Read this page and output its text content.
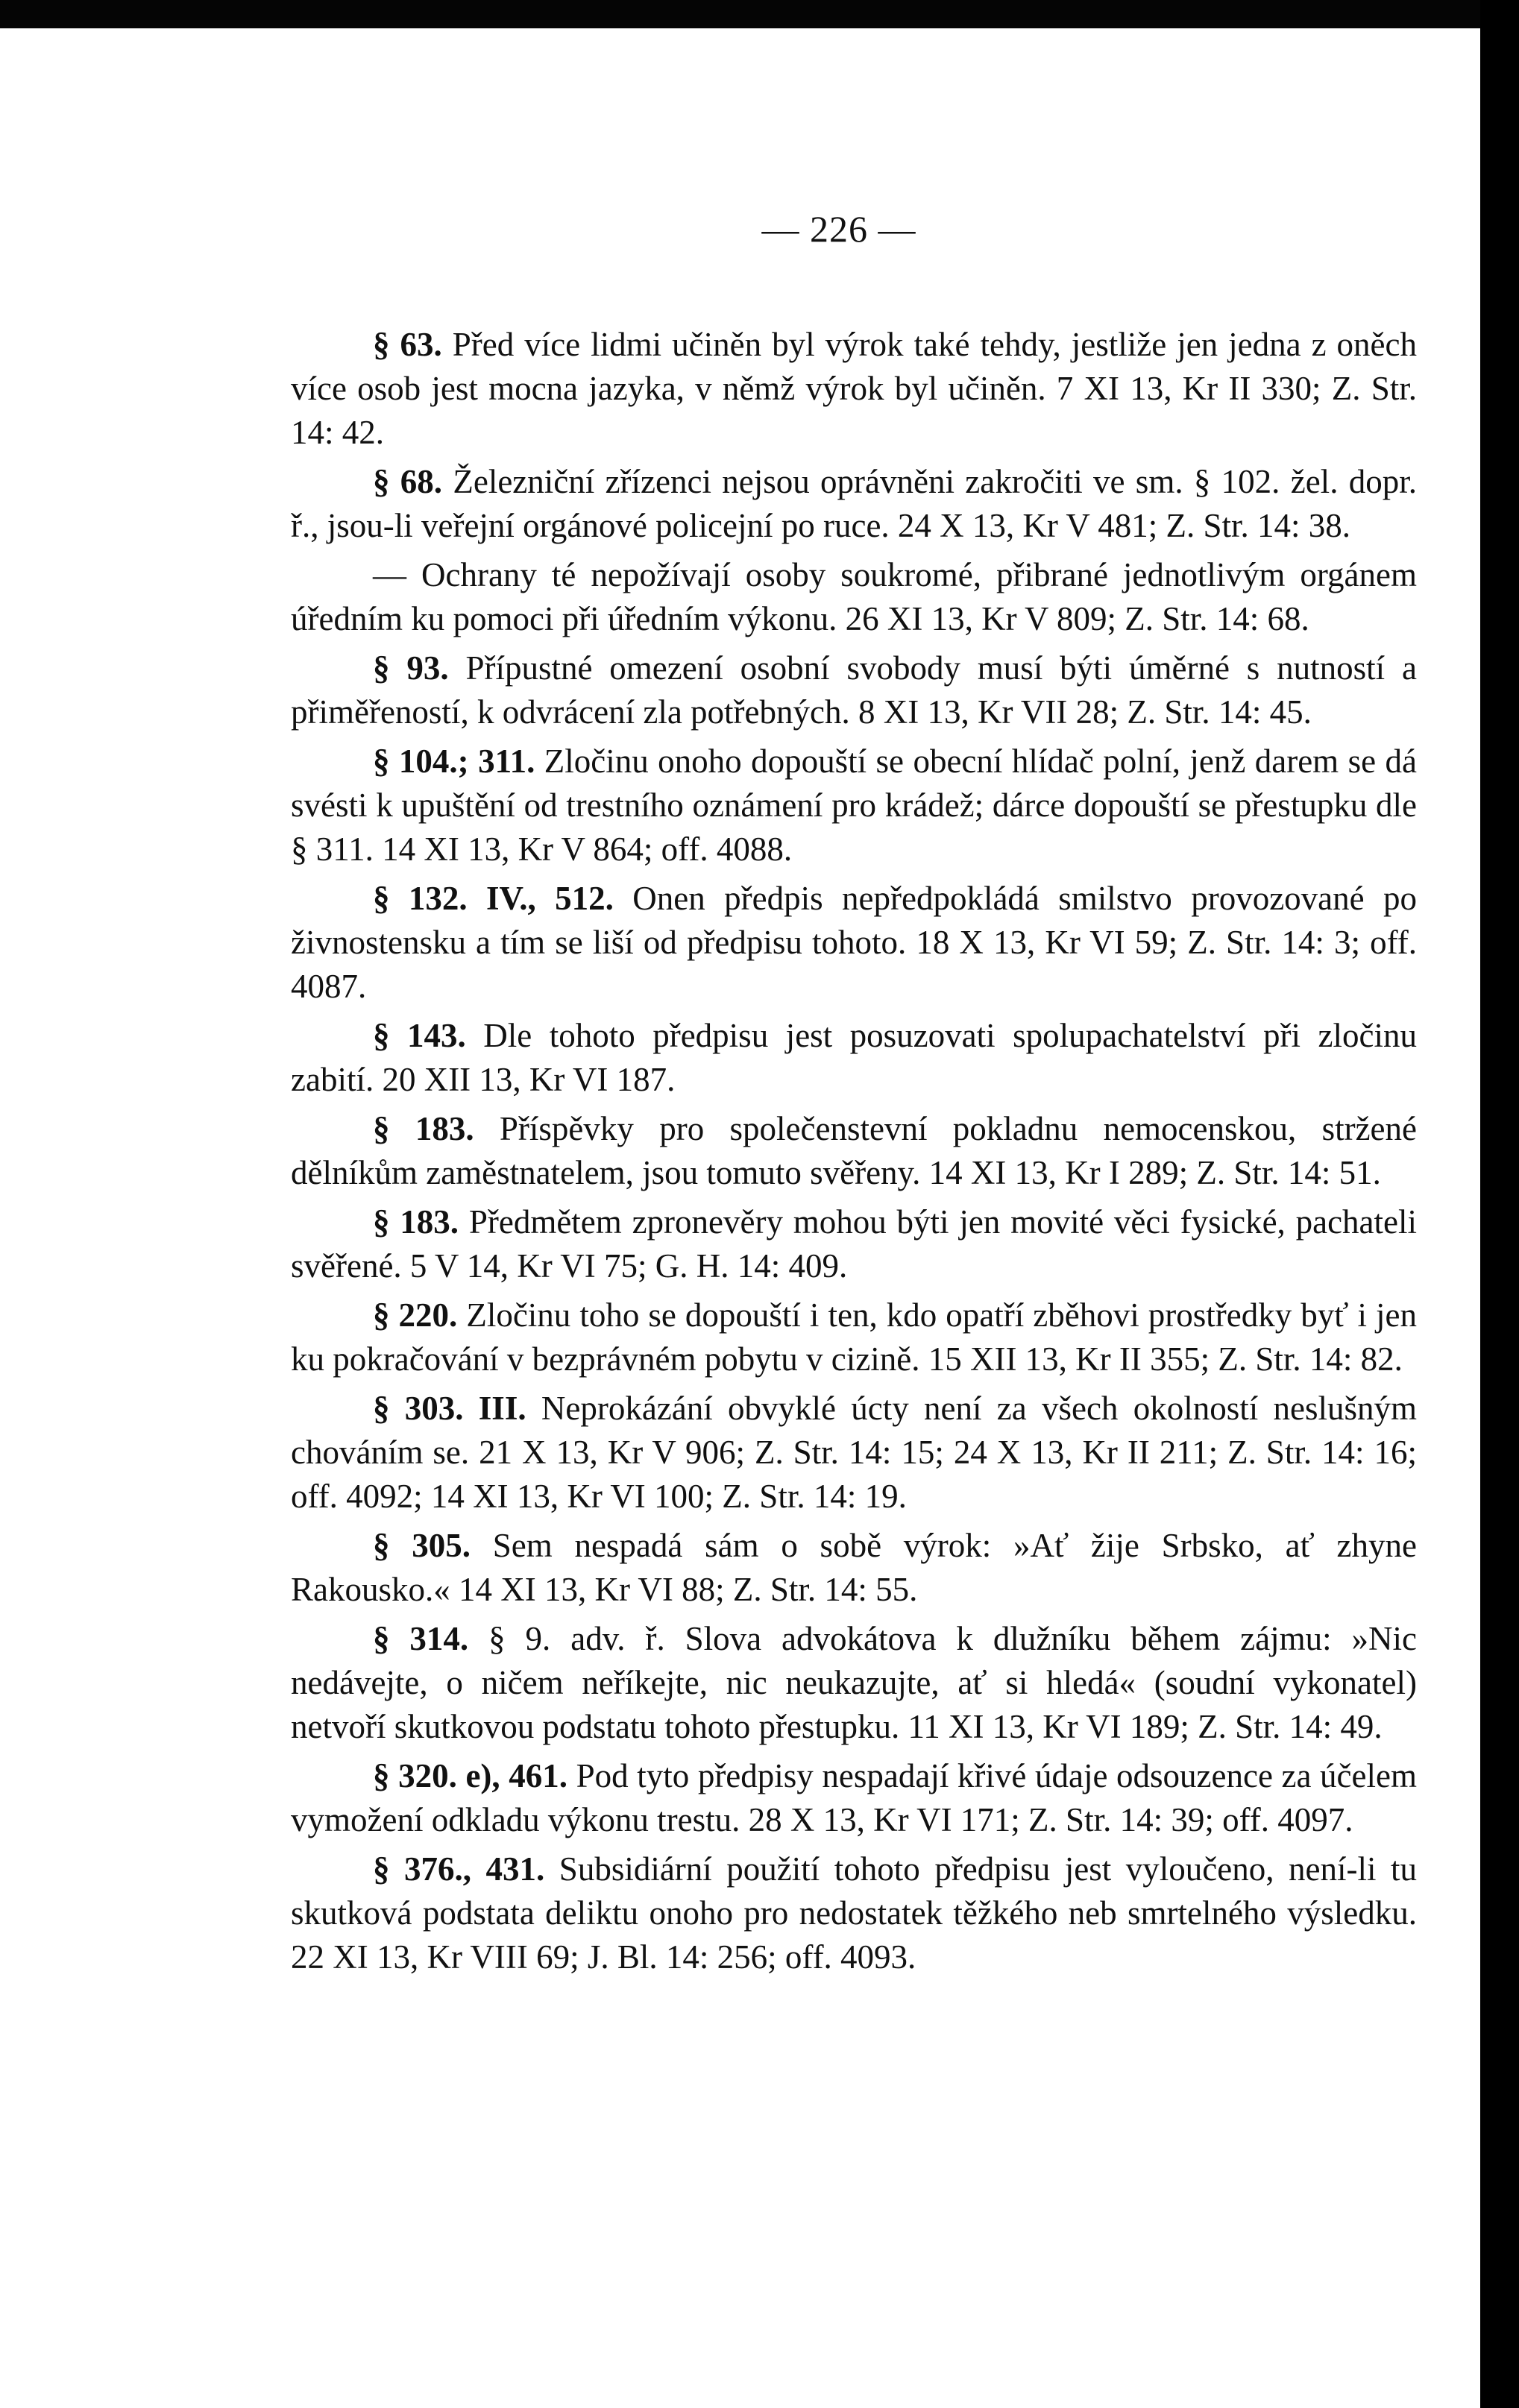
— 226 —

§ 63. Před více lidmi učiněn byl výrok také tehdy, jestliže jen jedna z oněch více osob jest mocna jazyka, v němž výrok byl učiněn. 7 XI 13, Kr II 330; Z. Str. 14: 42.

§ 68. Železniční zřízenci nejsou oprávněni zakročiti ve sm. § 102. žel. dopr. ř., jsou-li veřejní orgánové policejní po ruce. 24 X 13, Kr V 481; Z. Str. 14: 38.

— Ochrany té nepožívají osoby soukromé, přibrané jednotlivým orgánem úředním ku pomoci při úředním výkonu. 26 XI 13, Kr V 809; Z. Str. 14: 68.

§ 93. Přípustné omezení osobní svobody musí býti úměrné s nutností a přiměřeností, k odvrácení zla potřebných. 8 XI 13, Kr VII 28; Z. Str. 14: 45.

§ 104.; 311. Zločinu onoho dopouští se obecní hlídač polní, jenž darem se dá svésti k upuštění od trestního oznámení pro krádež; dárce dopouští se přestupku dle § 311. 14 XI 13, Kr V 864; off. 4088.

§ 132. IV., 512. Onen předpis nepředpokládá smilstvo provozované po živnostensku a tím se liší od předpisu tohoto. 18 X 13, Kr VI 59; Z. Str. 14: 3; off. 4087.

§ 143. Dle tohoto předpisu jest posuzovati spolupachatelství při zločinu zabití. 20 XII 13, Kr VI 187.

§ 183. Příspěvky pro společenstevní pokladnu nemocenskou, stržené dělníkům zaměstnatelem, jsou tomuto svěřeny. 14 XI 13, Kr I 289; Z. Str. 14: 51.

§ 183. Předmětem zpronevěry mohou býti jen movité věci fysické, pachateli svěřené. 5 V 14, Kr VI 75; G. H. 14: 409.

§ 220. Zločinu toho se dopouští i ten, kdo opatří zběhovi prostředky byť i jen ku pokračování v bezprávném pobytu v cizině. 15 XII 13, Kr II 355; Z. Str. 14: 82.

§ 303. III. Neprokázání obvyklé úcty není za všech okolností neslušným chováním se. 21 X 13, Kr V 906; Z. Str. 14: 15; 24 X 13, Kr II 211; Z. Str. 14: 16; off. 4092; 14 XI 13, Kr VI 100; Z. Str. 14: 19.

§ 305. Sem nespadá sám o sobě výrok: »Ať žije Srbsko, ať zhyne Rakousko.« 14 XI 13, Kr VI 88; Z. Str. 14: 55.

§ 314. § 9. adv. ř. Slova advokátova k dlužníku během zájmu: »Nic nedávejte, o ničem neříkejte, nic neukazujte, ať si hledá« (soudní vykonatel) netvoří skutkovou podstatu tohoto přestupku. 11 XI 13, Kr VI 189; Z. Str. 14: 49.

§ 320. e), 461. Pod tyto předpisy nespadají křivé údaje odsouzence za účelem vymožení odkladu výkonu trestu. 28 X 13, Kr VI 171; Z. Str. 14: 39; off. 4097.

§ 376., 431. Subsidiární použití tohoto předpisu jest vyloučeno, není-li tu skutková podstata deliktu onoho pro nedostatek těžkého neb smrtelného výsledku. 22 XI 13, Kr VIII 69; J. Bl. 14: 256; off. 4093.
